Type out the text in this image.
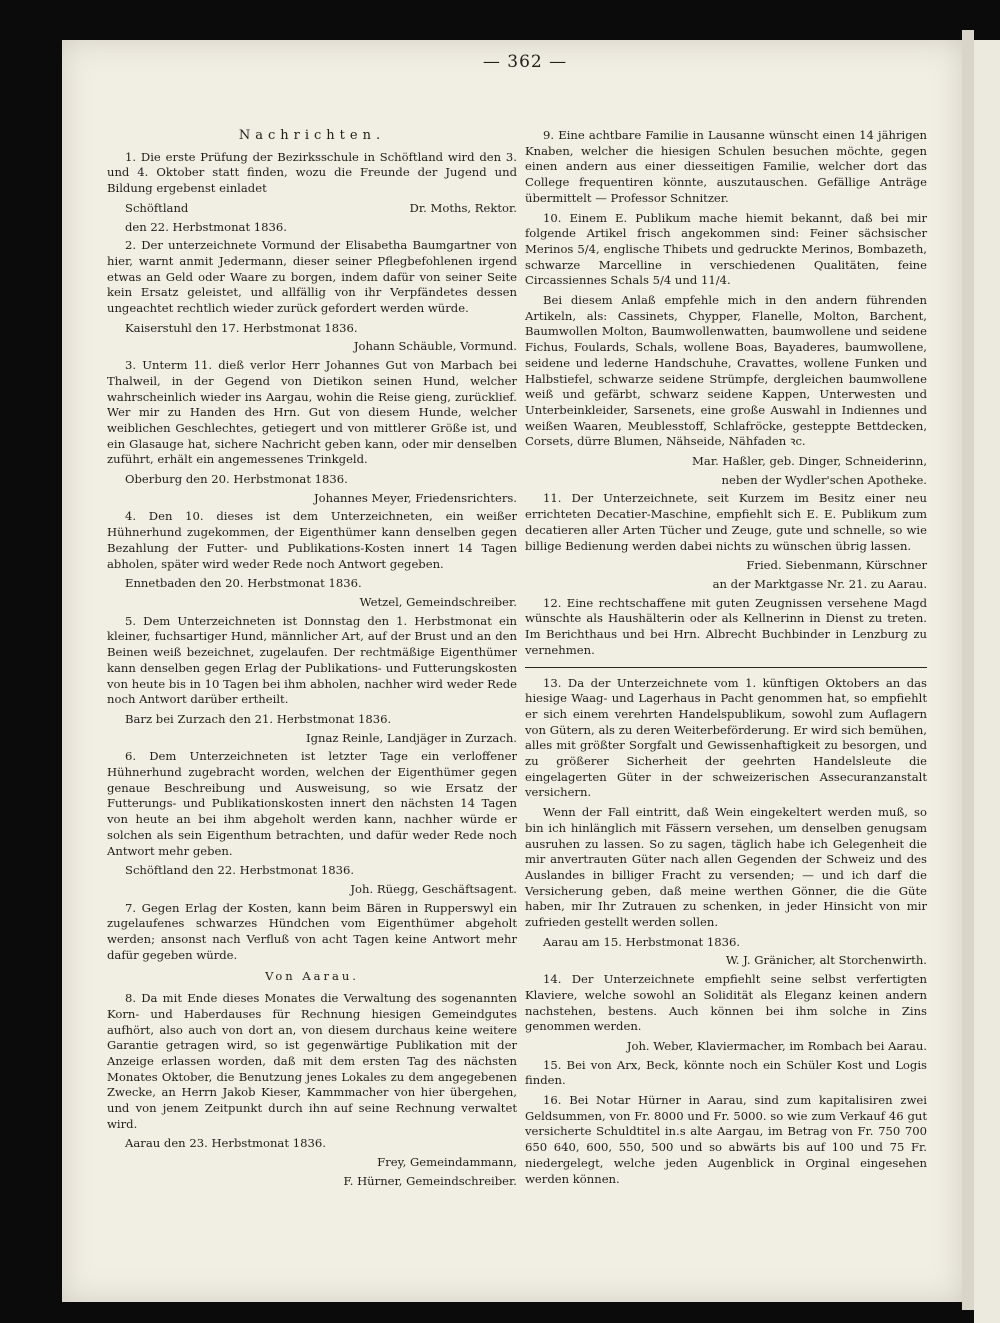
— 362 —
Nachrichten.

1. Die erste Prüfung der Bezirksschule in Schöftland wird den 3. und 4. Oktober statt finden, wozu die Freunde der Jugend und Bildung ergebenst einladet

Schöftland	Dr. Moths, Rektor.
den 22. Herbstmonat 1836.

2. Der unterzeichnete Vormund der Elisabetha Baumgartner von hier, warnt anmit Jedermann, dieser seiner Pflegbefohlenen irgend etwas an Geld oder Waare zu borgen, indem dafür von seiner Seite kein Ersatz geleistet, und allfällig von ihr Verpfändetes dessen ungeachtet rechtlich wieder zurück gefordert werden würde.

Kaiserstuhl den 17. Herbstmonat 1836.
Johann Schäuble, Vormund.

3. Unterm 11. dieß verlor Herr Johannes Gut von Marbach bei Thalweil, in der Gegend von Dietikon seinen Hund, welcher wahrscheinlich wieder ins Aargau, wohin die Reise gieng, zurücklief. Wer mir zu Handen des Hrn. Gut von diesem Hunde, welcher weiblichen Geschlechtes, getiegert und von mittlerer Größe ist, und ein Glasauge hat, sichere Nachricht geben kann, oder mir denselben zuführt, erhält ein angemessenes Trinkgeld.

Oberburg den 20. Herbstmonat 1836.
Johannes Meyer, Friedensrichters.

4. Den 10. dieses ist dem Unterzeichneten, ein weißer Hühnerhund zugekommen, der Eigenthümer kann denselben gegen Bezahlung der Futter- und Publikations-Kosten innert 14 Tagen abholen, später wird weder Rede noch Antwort gegeben.

Ennetbaden den 20. Herbstmonat 1836.
Wetzel, Gemeindschreiber.

5. Dem Unterzeichneten ist Donnstag den 1. Herbstmonat ein kleiner, fuchsartiger Hund, männlicher Art, auf der Brust und an den Beinen weiß bezeichnet, zugelaufen. Der rechtmäßige Eigenthümer kann denselben gegen Erlag der Publikations- und Futterungskosten von heute bis in 10 Tagen bei ihm abholen, nachher wird weder Rede noch Antwort darüber ertheilt.

Barz bei Zurzach den 21. Herbstmonat 1836.
Ignaz Reinle, Landjäger in Zurzach.

6. Dem Unterzeichneten ist letzter Tage ein verloffener Hühnerhund zugebracht worden, welchen der Eigenthümer gegen genaue Beschreibung und Ausweisung, so wie Ersatz der Futterungs- und Publikationskosten innert den nächsten 14 Tagen von heute an bei ihm abgeholt werden kann, nachher würde er solchen als sein Eigenthum betrachten, und dafür weder Rede noch Antwort mehr geben.

Schöftland den 22. Herbstmonat 1836.
Joh. Rüegg, Geschäftsagent.

7. Gegen Erlag der Kosten, kann beim Bären in Rupperswyl ein zugelaufenes schwarzes Hündchen vom Eigenthümer abgeholt werden; ansonst nach Verfluß von acht Tagen keine Antwort mehr dafür gegeben würde.

Von Aarau.

8. Da mit Ende dieses Monates die Verwaltung des sogenannten Korn- und Haberdauses für Rechnung hiesigen Gemeindgutes aufhört, also auch von dort an, von diesem durchaus keine weitere Garantie getragen wird, so ist gegenwärtige Publikation mit der Anzeige erlassen worden, daß mit dem ersten Tag des nächsten Monates Oktober, die Benutzung jenes Lokales zu dem angegebenen Zwecke, an Herrn Jakob Kieser, Kammmacher von hier übergehen, und von jenem Zeitpunkt durch ihn auf seine Rechnung verwaltet wird.

Aarau den 23. Herbstmonat 1836.
Frey, Gemeindammann,
F. Hürner, Gemeindschreiber.

9. Eine achtbare Familie in Lausanne wünscht einen 14 jährigen Knaben, welcher die hiesigen Schulen besuchen möchte, gegen einen andern aus einer diesseitigen Familie, welcher dort das College frequentiren könnte, auszutauschen. Gefällige Anträge übermittelt — Professor Schnitzer.

10. Einem E. Publikum mache hiemit bekannt, daß bei mir folgende Artikel frisch angekommen sind: Feiner sächsischer Merinos 5/4, englische Thibets und gedruckte Merinos, Bombazeth, schwarze Marcelline in verschiedenen Qualitäten, feine Circassiennes Schals 5/4 und 11/4.

Bei diesem Anlaß empfehle mich in den andern führenden Artikeln, als: Cassinets, Chypper, Flanelle, Molton, Barchent, Baumwollen Molton, Baumwollenwatten, baumwollene und seidene Fichus, Foulards, Schals, wollene Boas, Bayaderes, baumwollene, seidene und lederne Handschuhe, Cravattes, wollene Funken und Halbstiefel, schwarze seidene Strümpfe, dergleichen baumwollene weiß und gefärbt, schwarz seidene Kappen, Unterwesten und Unterbeinkleider, Sarsenets, eine große Auswahl in Indiennes und weißen Waaren, Meublesstoff, Schlafröcke, gesteppte Bettdecken, Corsets, dürre Blumen, Nähseide, Nähfaden ꝛc.

Mar. Haßler, geb. Dinger, Schneiderinn,
neben der Wydler'schen Apotheke.

11. Der Unterzeichnete, seit Kurzem im Besitz einer neu errichteten Decatier-Maschine, empfiehlt sich E. E. Publikum zum decatieren aller Arten Tücher und Zeuge, gute und schnelle, so wie billige Bedienung werden dabei nichts zu wünschen übrig lassen.

Fried. Siebenmann, Kürschner
an der Marktgasse Nr. 21. zu Aarau.

12. Eine rechtschaffene mit guten Zeugnissen versehene Magd wünschte als Haushälterin oder als Kellnerinn in Dienst zu treten. Im Berichthaus und bei Hrn. Albrecht Buchbinder in Lenzburg zu vernehmen.

13. Da der Unterzeichnete vom 1. künftigen Oktobers an das hiesige Waag- und Lagerhaus in Pacht genommen hat, so empfiehlt er sich einem verehrten Handelspublikum, sowohl zum Auflagern von Gütern, als zu deren Weiterbeförderung. Er wird sich bemühen, alles mit größter Sorgfalt und Gewissenhaftigkeit zu besorgen, und zu größerer Sicherheit der geehrten Handelsleute die eingelagerten Güter in der schweizerischen Assecuranzanstalt versichern.

Wenn der Fall eintritt, daß Wein eingekeltert werden muß, so bin ich hinlänglich mit Fässern versehen, um denselben genugsam ausruhen zu lassen. So zu sagen, täglich habe ich Gelegenheit die mir anvertrauten Güter nach allen Gegenden der Schweiz und des Auslandes in billiger Fracht zu versenden; — und ich darf die Versicherung geben, daß meine werthen Gönner, die die Güte haben, mir Ihr Zutrauen zu schenken, in jeder Hinsicht von mir zufrieden gestellt werden sollen.

Aarau am 15. Herbstmonat 1836.
W. J. Gränicher, alt Storchenwirth.

14. Der Unterzeichnete empfiehlt seine selbst verfertigten Klaviere, welche sowohl an Solidität als Eleganz keinen andern nachstehen, bestens. Auch können bei ihm solche in Zins genommen werden.

Joh. Weber, Klaviermacher, im Rombach bei Aarau.

15. Bei von Arx, Beck, könnte noch ein Schüler Kost und Logis finden.

16. Bei Notar Hürner in Aarau, sind zum kapitalisiren zwei Geldsummen, von Fr. 8000 und Fr. 5000. so wie zum Verkauf 46 gut versicherte Schuldtitel in.s alte Aargau, im Betrag von Fr. 750 700 650 640, 600, 550, 500 und so abwärts bis auf 100 und 75 Fr. niedergelegt, welche jeden Augenblick in Orginal eingesehen werden können.
